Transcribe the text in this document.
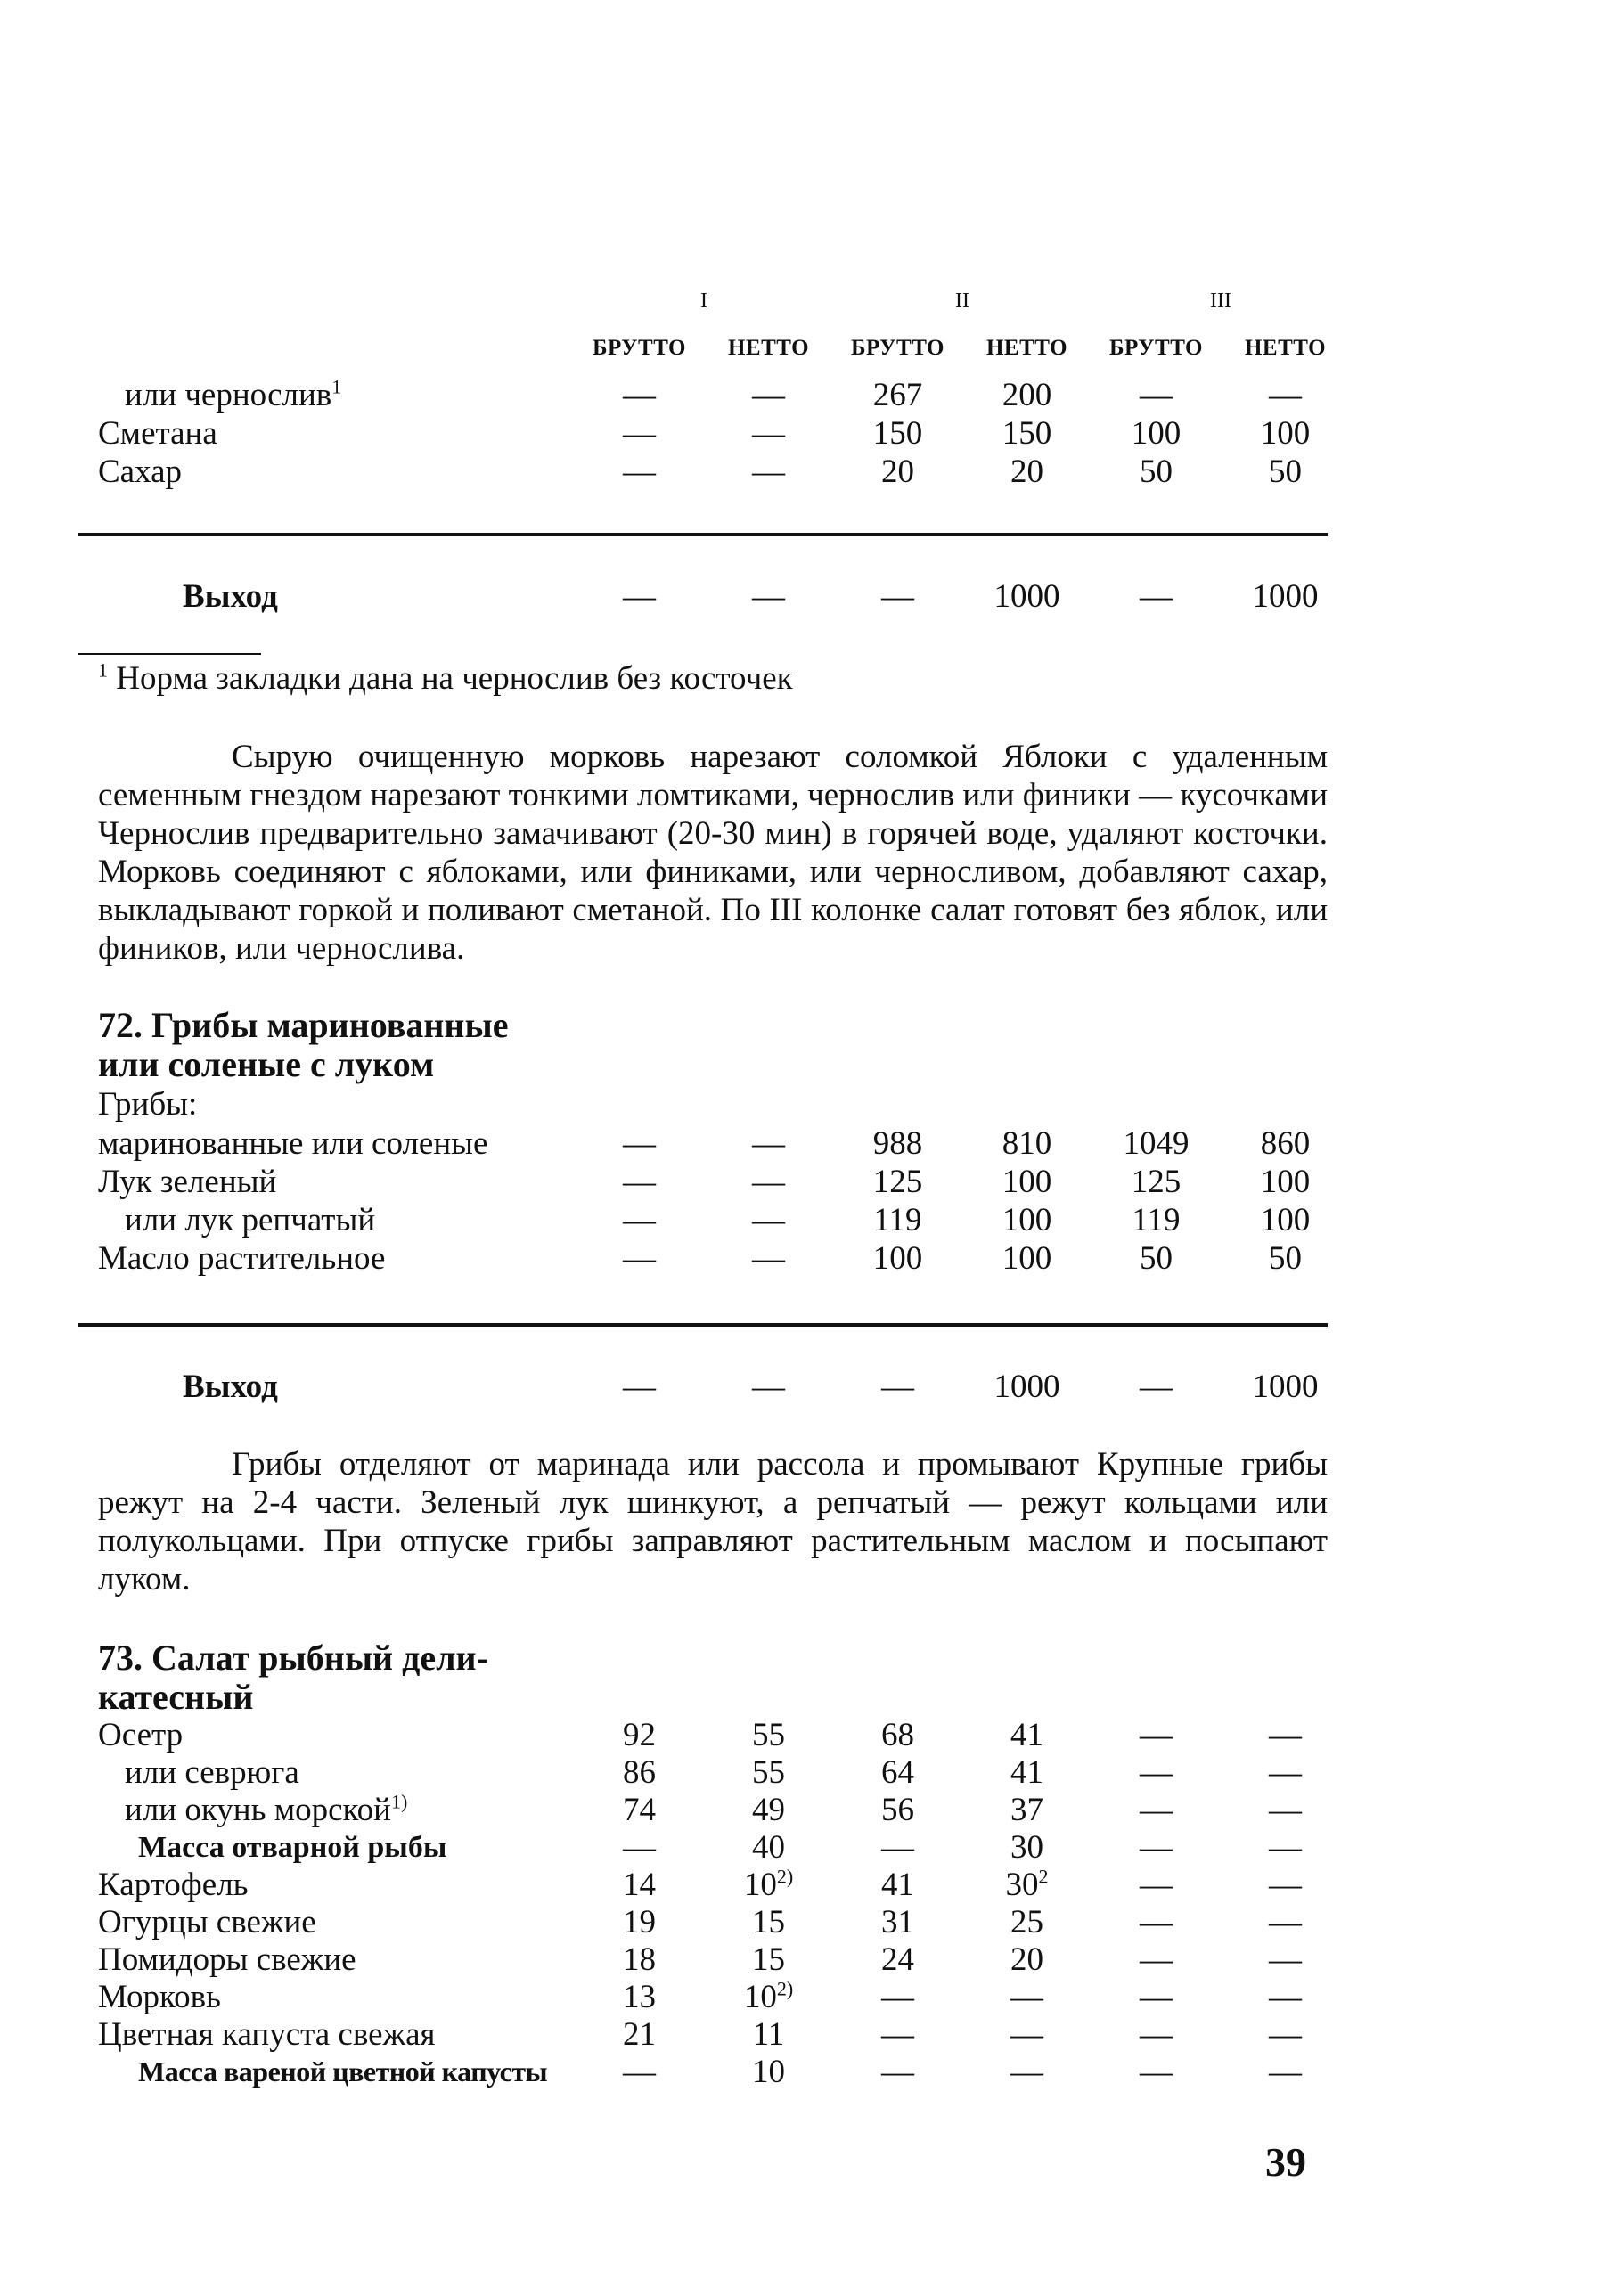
I	II	III
БРУТТО	НЕТТО	БРУТТО	НЕТТО	БРУТТО	НЕТТО
или чернослив$^1$	—	—	267	200	—	—
Сметана	—	—	150	150	100	100
Сахар	—	—	20	20	50	50
Выход	—	—	—	1000	—	1000
$^1$ Норма закладки дана на чернослив без косточек
Сырую очищенную морковь нарезают соломкой Яблоки с удаленным семенным гнездом нарезают тонкими ломтиками, чернослив или финики — кусочками Чернослив предварительно замачивают (20-30 мин) в горячей воде, удаляют косточки. Морковь соединяют с яблоками, или финиками, или черносливом, добавляют сахар, выкладывают горкой и поливают сметаной. По III колонке салат готовят без яблок, или фиников, или чернослива.
72. Грибы маринованные
или соленые с луком
Грибы:
маринованные или соленые	—	—	988	810	1049	860
Лук зеленый	—	—	125	100	125	100
или лук репчатый	—	—	119	100	119	100
Масло растительное	—	—	100	100	50	50
Выход	—	—	—	1000	—	1000
Грибы отделяют от маринада или рассола и промывают Крупные грибы режут на 2-4 части. Зеленый лук шинкуют, а репчатый — режут кольцами или полукольцами. При отпуске грибы заправляют растительным маслом и посыпают луком.
73. Салат рыбный дели-
катесный
Осетр	92	55	68	41	—	—
или севрюга	86	55	64	41	—	—
или окунь морской$^{1)}$	74	49	56	37	—	—
Масса отварной рыбы	—	40	—	30	—	—
Картофель	14	10$^{2)}$	41	$30^2$	—	—
Огурцы свежие	19	15	31	25	—	—
Помидоры свежие	18	15	24	20	—	—
Морковь	13	10$^{2)}$	—	—	—	—
Цветная капуста свежая	21	11	—	—	—	—
Масса вареной цветной капусты	—	10	—	—	—	—
39
